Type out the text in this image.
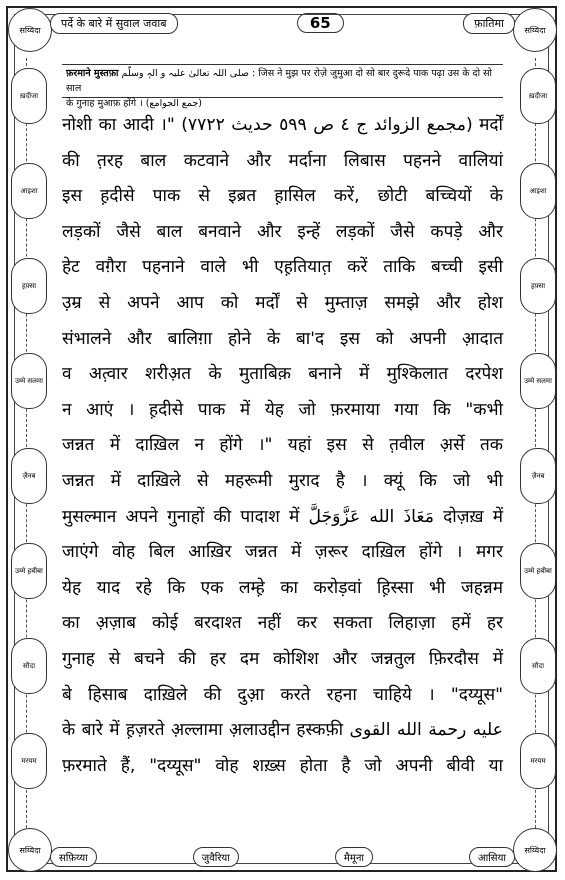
सय्यिदा	सय्यिदा
सय्यिदा	सय्यिदा
ख़दीजा
आइशा
ह़फ़्सा
उम्मे सलमा
ज़ैनब
उम्मे ह़बीबा
सौदा
मरयम
ख़दीजा
आइशा
ह़फ़्सा
उम्मे सलमा
ज़ैनब
उम्मे ह़बीबा
सौदा
मरयम
पर्दे के बारे में सुवाल जवाब	65	फ़ातिमा
फ़रमाने मुस्तफ़ा صلی اللہ تعالیٰ علیہ و الہٖ وسلّم : जिस ने मुझ पर रोज़े जुमुआ दो सो बार दुरूदे पाक पढ़ा उस के दो सो साल
के गुनाह मुआफ़ होंगे । (جمع الجوامع)
नोशी का आदी ।" (مجمع الزوائد ج ٤ ص ٥٩٩ حديث ٧٧٢٢) मर्दों
की त़रह बाल कटवाने और मर्दाना लिबास पहनने वालियां
इस ह़दीसे पाक से इब्रत ह़ासिल करें, छोटी बच्चियों के
लड़कों जैसे बाल बनवाने और इन्हें लड़कों जैसे कपड़े और
हेट वग़ैरा पहनाने वाले भी एह़तियात़ करें ताकि बच्ची इसी
उ़म्र से अपने आप को मर्दों से मुम्ताज़ समझे और होश
संभालने और बालिग़ा होने के बा'द इस को अपनी आ़दात
व अत़्वार शरीअ़त के मुताबिक़ बनाने में मुश्किलात दरपेश
न आएं । ह़दीसे पाक में येह जो फ़रमाया गया कि "कभी
जन्नत में दाख़िल न होंगे ।" यहां इस से त़वील अ़र्से तक
जन्नत में दाख़िले से महरूमी मुराद है । क्यूं कि जो भी
मुसल्मान अपने गुनाहों की पादाश में مَعَاذَ الله عَزَّوَجَلَّ दोज़ख़ में
जाएंगे वोह बिल आख़िर जन्नत में ज़रूर दाख़िल होंगे । मगर
येह याद रहे कि एक लम्ह़े का करोड़वां ह़िस्सा भी जहन्नम
का अ़ज़ाब कोई बरदाश्त नहीं कर सकता लिहाज़ा हमें हर
गुनाह से बचने की हर दम कोशिश और जन्नतुल फ़िरदौस में
बे हिसाब दाख़िले की दुआ़ करते रहना चाहिये । "दय्यूस"
के बारे में ह़ज़रते अ़ल्लामा अ़लाउद्दीन हस्कफ़ी عليه رحمة الله القوى
फ़रमाते हैं, "दय्यूस" वोह शख़्स होता है जो अपनी बीवी या
सफ़िय्या	जुवैरिया	मैमूना	आसिया
